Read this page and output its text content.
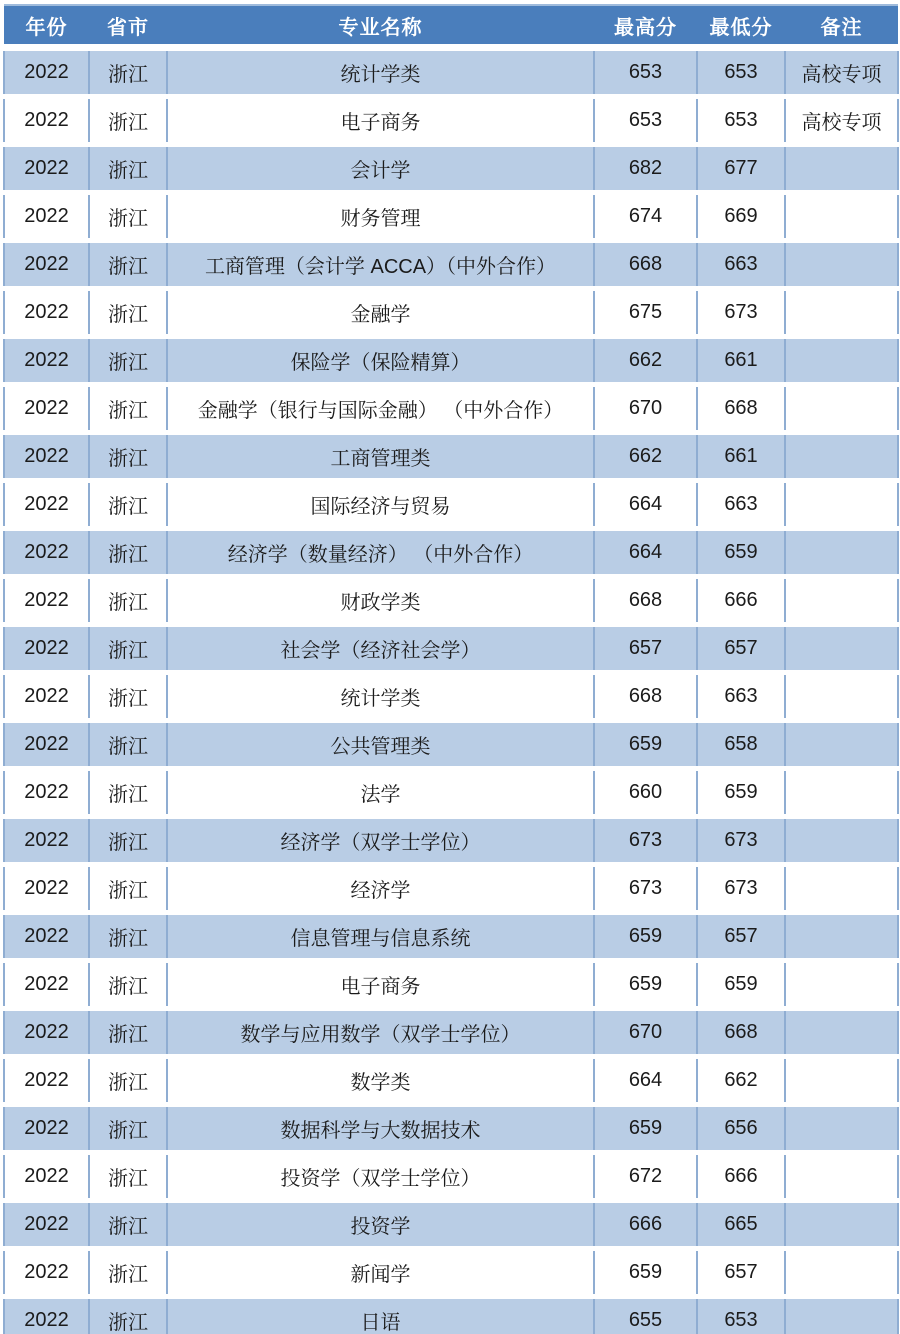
年份	省市	专业名称	最高分	最低分	备注
2022	浙江	统计学类	653	653	高校专项
2022	浙江	电子商务	653	653	高校专项
2022	浙江	会计学	682	677	
2022	浙江	财务管理	674	669	
2022	浙江	工商管理（会计学 ACCA）（中外合作）	668	663	
2022	浙江	金融学	675	673	
2022	浙江	保险学（保险精算）	662	661	
2022	浙江	金融学（银行与国际金融） （中外合作）	670	668	
2022	浙江	工商管理类	662	661	
2022	浙江	国际经济与贸易	664	663	
2022	浙江	经济学（数量经济） （中外合作）	664	659	
2022	浙江	财政学类	668	666	
2022	浙江	社会学（经济社会学）	657	657	
2022	浙江	统计学类	668	663	
2022	浙江	公共管理类	659	658	
2022	浙江	法学	660	659	
2022	浙江	经济学（双学士学位）	673	673	
2022	浙江	经济学	673	673	
2022	浙江	信息管理与信息系统	659	657	
2022	浙江	电子商务	659	659	
2022	浙江	数学与应用数学（双学士学位）	670	668	
2022	浙江	数学类	664	662	
2022	浙江	数据科学与大数据技术	659	656	
2022	浙江	投资学（双学士学位）	672	666	
2022	浙江	投资学	666	665	
2022	浙江	新闻学	659	657	
2022	浙江	日语	655	653	
